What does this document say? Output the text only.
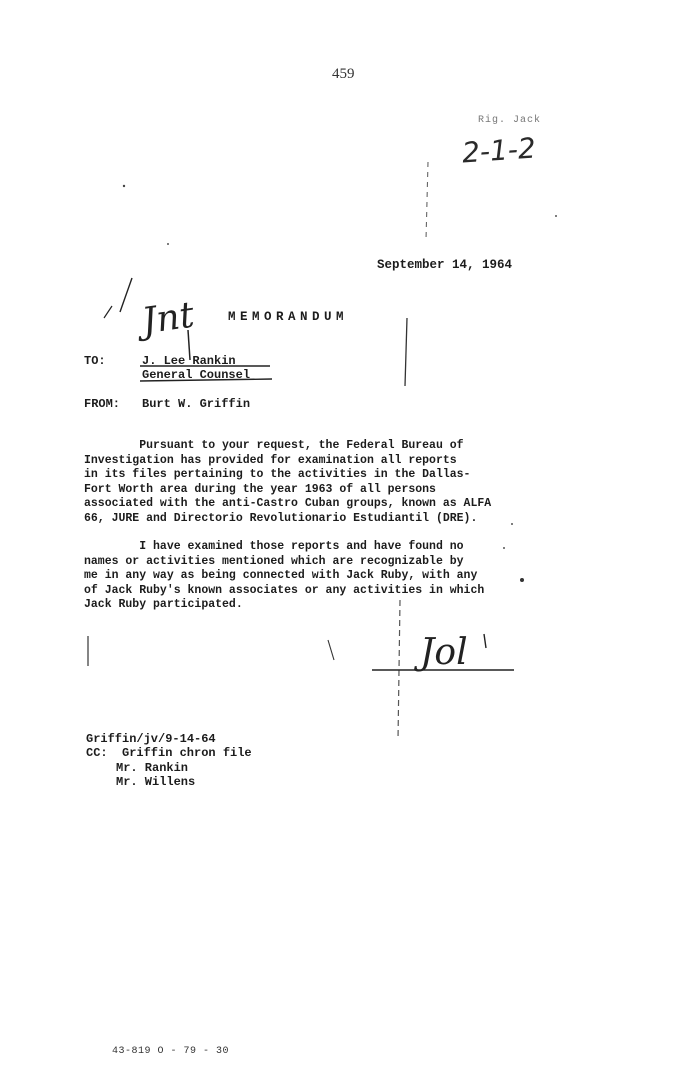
459
Rig. Jack
2-1-2
September 14, 1964
Jnt	MEMORANDUM
TO:	J. Lee Rankin
General Counsel
FROM: Burt W. Griffin
Pursuant to your request, the Federal Bureau of
Investigation has provided for examination all reports
in its files pertaining to the activities in the Dallas-
Fort Worth area during the year 1963 of all persons
associated with the anti-Castro Cuban groups, known as ALFA
66, JURE and Directorio Revolutionario Estudiantil (DRE).
I have examined those reports and have found no
names or activities mentioned which are recognizable by
me in any way as being connected with Jack Ruby, with any
of Jack Ruby's known associates or any activities in which
Jack Ruby participated.
Jol
Griffin/jv/9-14-64
CC: Griffin chron file
Mr. Rankin
Mr. Willens
43-819 O - 79 - 30
